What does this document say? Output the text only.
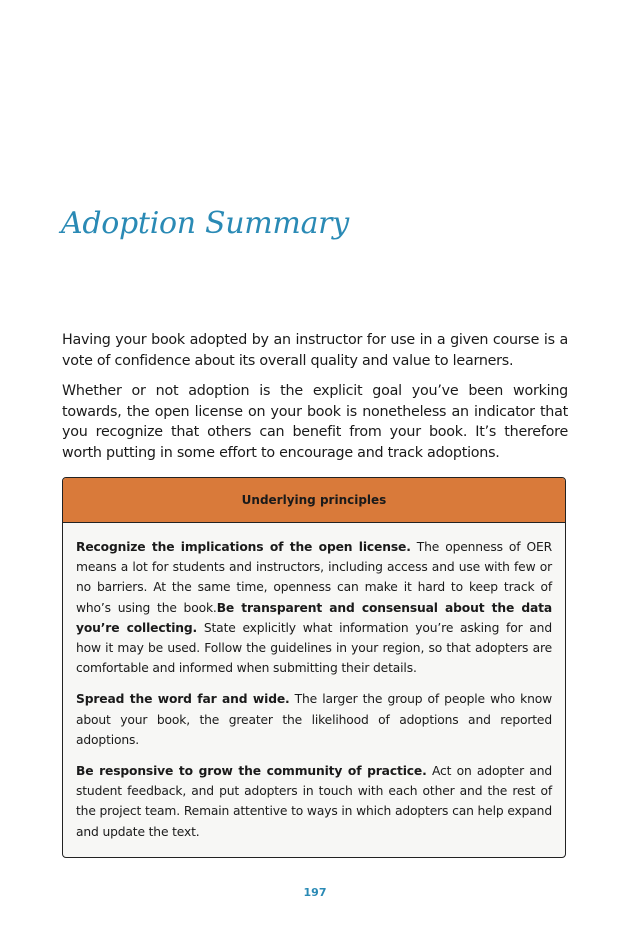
Adoption Summary

Having your book adopted by an instructor for use in a given course is a vote of confidence about its overall quality and value to learners.

Whether or not adoption is the explicit goal you’ve been working towards, the open license on your book is nonetheless an indicator that you recognize that others can benefit from your book. It’s therefore worth putting in some effort to encourage and track adoptions.

Underlying principles

Recognize the implications of the open license. The openness of OER means a lot for students and instructors, including access and use with few or no barriers. At the same time, openness can make it hard to keep track of who’s using the book.Be transparent and consensual about the data you’re collecting. State explicitly what information you’re asking for and how it may be used. Follow the guidelines in your region, so that adopters are comfortable and informed when submitting their details.

Spread the word far and wide. The larger the group of people who know about your book, the greater the likelihood of adoptions and reported adoptions.

Be responsive to grow the community of practice. Act on adopter and student feedback, and put adopters in touch with each other and the rest of the project team. Remain attentive to ways in which adopters can help expand and update the text.

197
